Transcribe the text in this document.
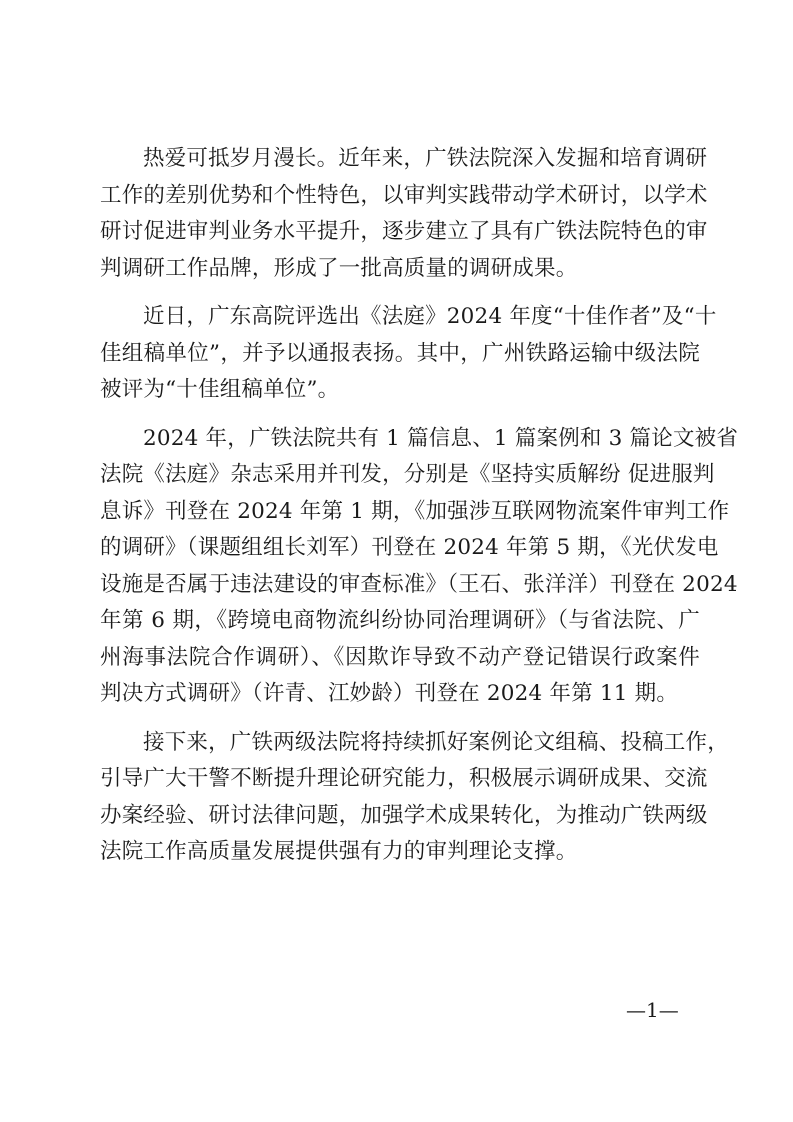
热爱可抵岁月漫长。近年来，广铁法院深入发掘和培育调研
工作的差别优势和个性特色，以审判实践带动学术研讨，以学术
研讨促进审判业务水平提升，逐步建立了具有广铁法院特色的审
判调研工作品牌，形成了一批高质量的调研成果。
近日，广东高院评选出《法庭》2024 年度“十佳作者”及“十
佳组稿单位”，并予以通报表扬。其中，广州铁路运输中级法院
被评为“十佳组稿单位”。
2024 年，广铁法院共有 1 篇信息、1 篇案例和 3 篇论文被省
法院《法庭》杂志采用并刊发，分别是《坚持实质解纷 促进服判
息诉》刊登在 2024 年第 1 期，《加强涉互联网物流案件审判工作
的调研》（课题组组长刘军）刊登在 2024 年第 5 期，《光伏发电
设施是否属于违法建设的审查标准》（王石、张洋洋）刊登在 2024
年第 6 期，《跨境电商物流纠纷协同治理调研》（与省法院、广
州海事法院合作调研）、《因欺诈导致不动产登记错误行政案件
判决方式调研》（许青、江妙龄）刊登在 2024 年第 11 期。
接下来，广铁两级法院将持续抓好案例论文组稿、投稿工作，
引导广大干警不断提升理论研究能力，积极展示调研成果、交流
办案经验、研讨法律问题，加强学术成果转化，为推动广铁两级
法院工作高质量发展提供强有力的审判理论支撑。
—1—
